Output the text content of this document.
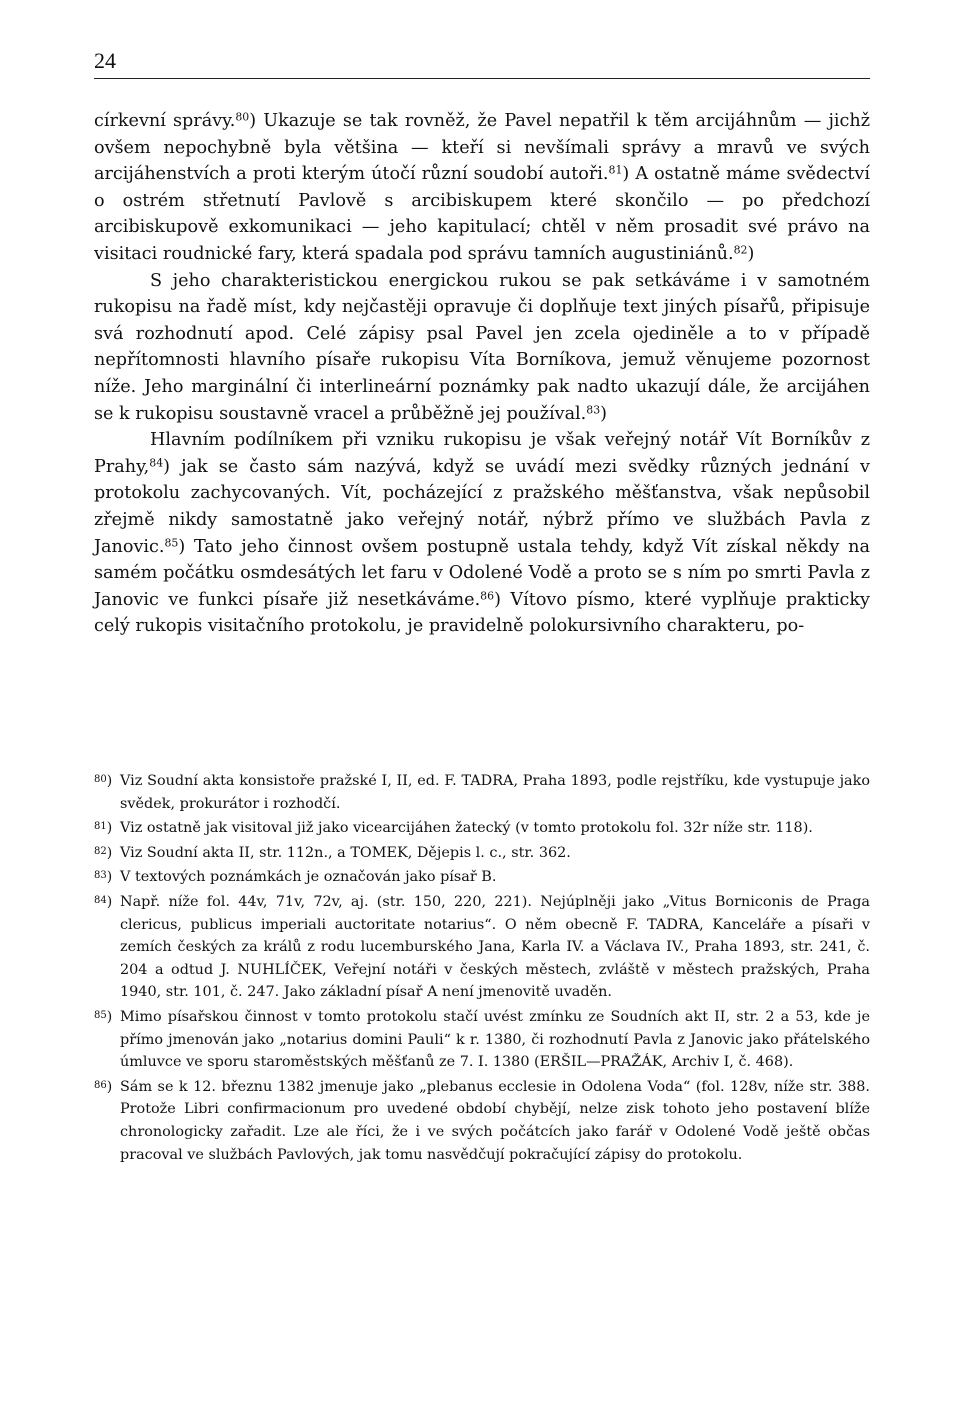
24

církevní správy.$^{80}$) Ukazuje se tak rovněž, že Pavel nepatřil k těm arcijáhnům — jichž ovšem nepochybně byla většina — kteří si nevšímali správy a mravů ve svých arcijáhenstvích a proti kterým útočí různí soudobí autoři.$^{81}$) A ostatně máme svědectví o ostrém střetnutí Pavlově s arcibiskupem které skončilo — po předchozí arcibiskupově exkomunikaci — jeho kapitulací; chtěl v něm prosadit své právo na visitaci roudnické fary, která spadala pod správu tamních augustiniánů.$^{82}$)

S jeho charakteristickou energickou rukou se pak setkáváme i v samotném rukopisu na řadě míst, kdy nejčastěji opravuje či doplňuje text jiných písařů, připisuje svá rozhodnutí apod. Celé zápisy psal Pavel jen zcela ojediněle a to v případě nepřítomnosti hlavního písaře rukopisu Víta Borníkova, jemuž věnujeme pozornost níže. Jeho marginální či interlineární poznámky pak nadto ukazují dále, že arcijáhen se k rukopisu soustavně vracel a průběžně jej používal.$^{83}$)

Hlavním podílníkem při vzniku rukopisu je však veřejný notář Vít Borníkův z Prahy,$^{84}$) jak se často sám nazývá, když se uvádí mezi svědky různých jednání v protokolu zachycovaných. Vít, pocházející z pražského měšťanstva, však nepůsobil zřejmě nikdy samostatně jako veřejný notář, nýbrž přímo ve službách Pavla z Janovic.$^{85}$) Tato jeho činnost ovšem postupně ustala tehdy, když Vít získal někdy na samém počátku osmdesátých let faru v Odolené Vodě a proto se s ním po smrti Pavla z Janovic ve funkci písaře již nesetkáváme.$^{86}$) Vítovo písmo, které vyplňuje prakticky celý rukopis visitačního protokolu, je pravidelně polokursivního charakteru, po-

80 ) Viz Soudní akta konsistoře pražské I, II, ed. F. TADRA, Praha 1893, podle rejstříku, kde vystupuje jako svědek, prokurátor i rozhodčí.
81 ) Viz ostatně jak visitoval již jako vicearcijáhen žatecký (v tomto protokolu fol. 32r níže str. 118).
82 ) Viz Soudní akta II, str. 112n., a TOMEK, Dějepis l. c., str. 362.
83 ) V textových poznámkách je označován jako písař B.
84 ) Např. níže fol. 44v, 71v, 72v, aj. (str. 150, 220, 221). Nejúplněji jako „Vitus Borniconis de Praga clericus, publicus imperiali auctoritate notarius“. O něm obecně F. TADRA, Kanceláře a písaři v zemích českých za králů z rodu lucemburského Jana, Karla IV. a Václava IV., Praha 1893, str. 241, č. 204 a odtud J. NUHLÍČEK, Veřejní notáři v českých městech, zvláště v městech pražských, Praha 1940, str. 101, č. 247. Jako základní písař A není jmenovitě uvaděn.
85 ) Mimo písařskou činnost v tomto protokolu stačí uvést zmínku ze Soudních akt II, str. 2 a 53, kde je přímo jmenován jako „notarius domini Pauli“ k r. 1380, či rozhodnutí Pavla z Janovic jako přátelského úmluvce ve sporu staroměstských měšťanů ze 7. I. 1380 (ERŠIL—PRAŽÁK, Archiv I, č. 468).
86 ) Sám se k 12. březnu 1382 jmenuje jako „plebanus ecclesie in Odolena Voda“ (fol. 128v, níže str. 388. Protože Libri confirmacionum pro uvedené období chybějí, nelze zisk tohoto jeho postavení blíže chronologicky zařadit. Lze ale říci, že i ve svých počátcích jako farář v Odolené Vodě ještě občas pracoval ve službách Pavlových, jak tomu nasvědčují pokračující zápisy do protokolu.
